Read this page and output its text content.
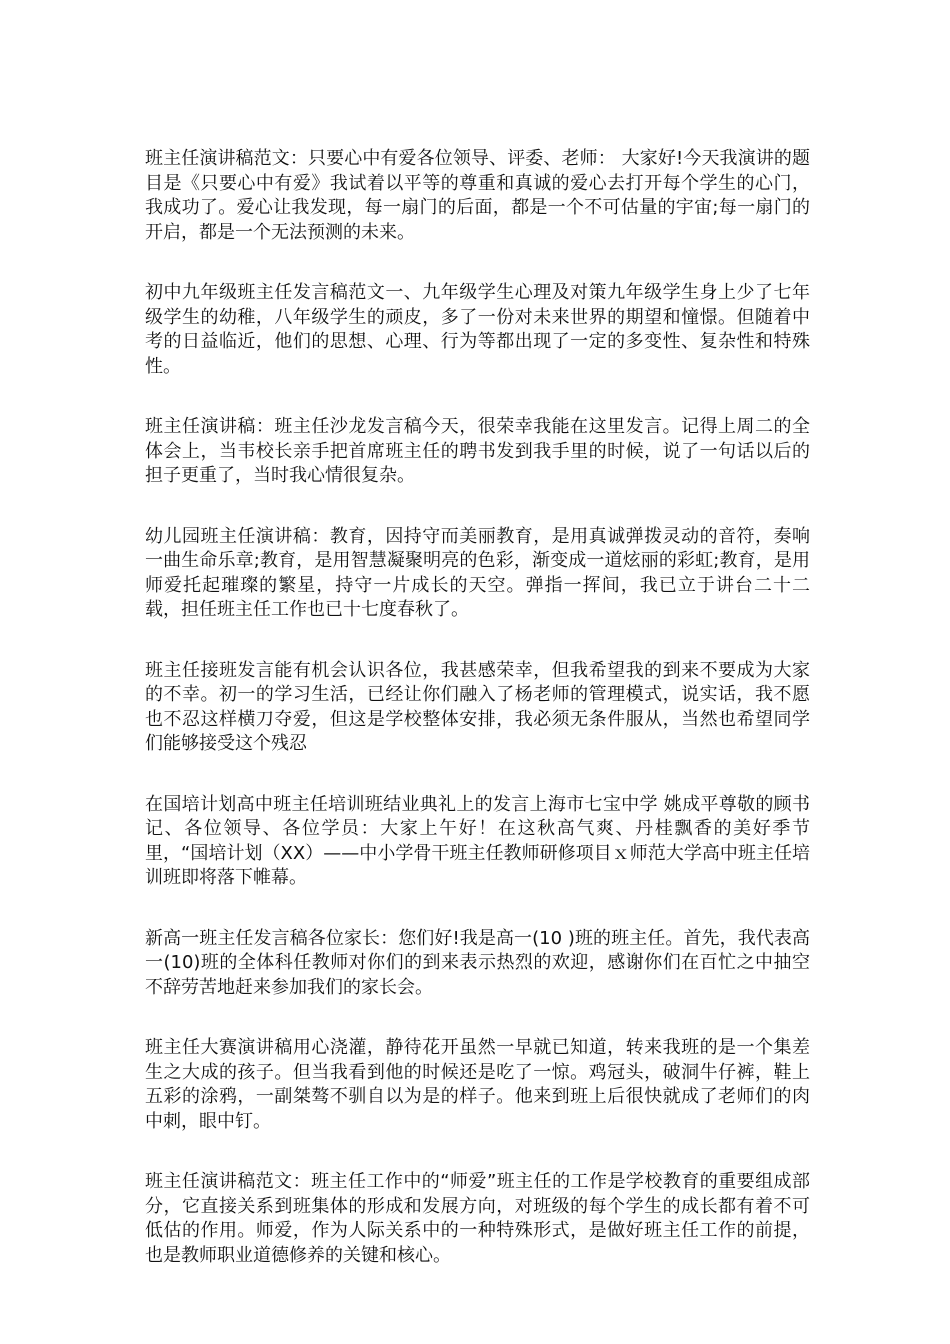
班主任演讲稿范文：只要心中有爱各位领导、评委、老师： 大家好!今天我演讲的题目是《只要心中有爱》我试着以平等的尊重和真诚的爱心去打开每个学生的心门，我成功了。爱心让我发现，每一扇门的后面，都是一个不可估量的宇宙;每一扇门的开启，都是一个无法预测的未来。

初中九年级班主任发言稿范文一、九年级学生心理及对策九年级学生身上少了七年级学生的幼稚，八年级学生的顽皮，多了一份对未来世界的期望和憧憬。但随着中考的日益临近，他们的思想、心理、行为等都出现了一定的多变性、复杂性和特殊性。

班主任演讲稿：班主任沙龙发言稿今天，很荣幸我能在这里发言。记得上周二的全体会上，当韦校长亲手把首席班主任的聘书发到我手里的时候，说了一句话以后的担子更重了，当时我心情很复杂。

幼儿园班主任演讲稿：教育，因持守而美丽教育，是用真诚弹拨灵动的音符，奏响一曲生命乐章;教育，是用智慧凝聚明亮的色彩，渐变成一道炫丽的彩虹;教育，是用师爱托起璀璨的繁星，持守一片成长的天空。弹指一挥间，我已立于讲台二十二载，担任班主任工作也已十七度春秋了。

班主任接班发言能有机会认识各位，我甚感荣幸，但我希望我的到来不要成为大家的不幸。初一的学习生活，已经让你们融入了杨老师的管理模式，说实话，我不愿也不忍这样横刀夺爱，但这是学校整体安排，我必须无条件服从，当然也希望同学们能够接受这个残忍

在国培计划高中班主任培训班结业典礼上的发言上海市七宝中学 姚成平尊敬的顾书记、各位领导、各位学员：大家上午好！在这秋高气爽、丹桂飘香的美好季节里，“国培计划（XX）——中小学骨干班主任教师研修项目ｘ师范大学高中班主任培训班即将落下帷幕。

新高一班主任发言稿各位家长：您们好!我是高一(10 )班的班主任。首先，我代表高一(10)班的全体科任教师对你们的到来表示热烈的欢迎，感谢你们在百忙之中抽空不辞劳苦地赶来参加我们的家长会。

班主任大赛演讲稿用心浇灌，静待花开虽然一早就已知道，转来我班的是一个集差生之大成的孩子。但当我看到他的时候还是吃了一惊。鸡冠头，破洞牛仔裤，鞋上五彩的涂鸦，一副桀骜不驯自以为是的样子。他来到班上后很快就成了老师们的肉中刺，眼中钉。

班主任演讲稿范文：班主任工作中的“师爱”班主任的工作是学校教育的重要组成部分，它直接关系到班集体的形成和发展方向，对班级的每个学生的成长都有着不可低估的作用。师爱，作为人际关系中的一种特殊形式，是做好班主任工作的前提，也是教师职业道德修养的关键和核心。
